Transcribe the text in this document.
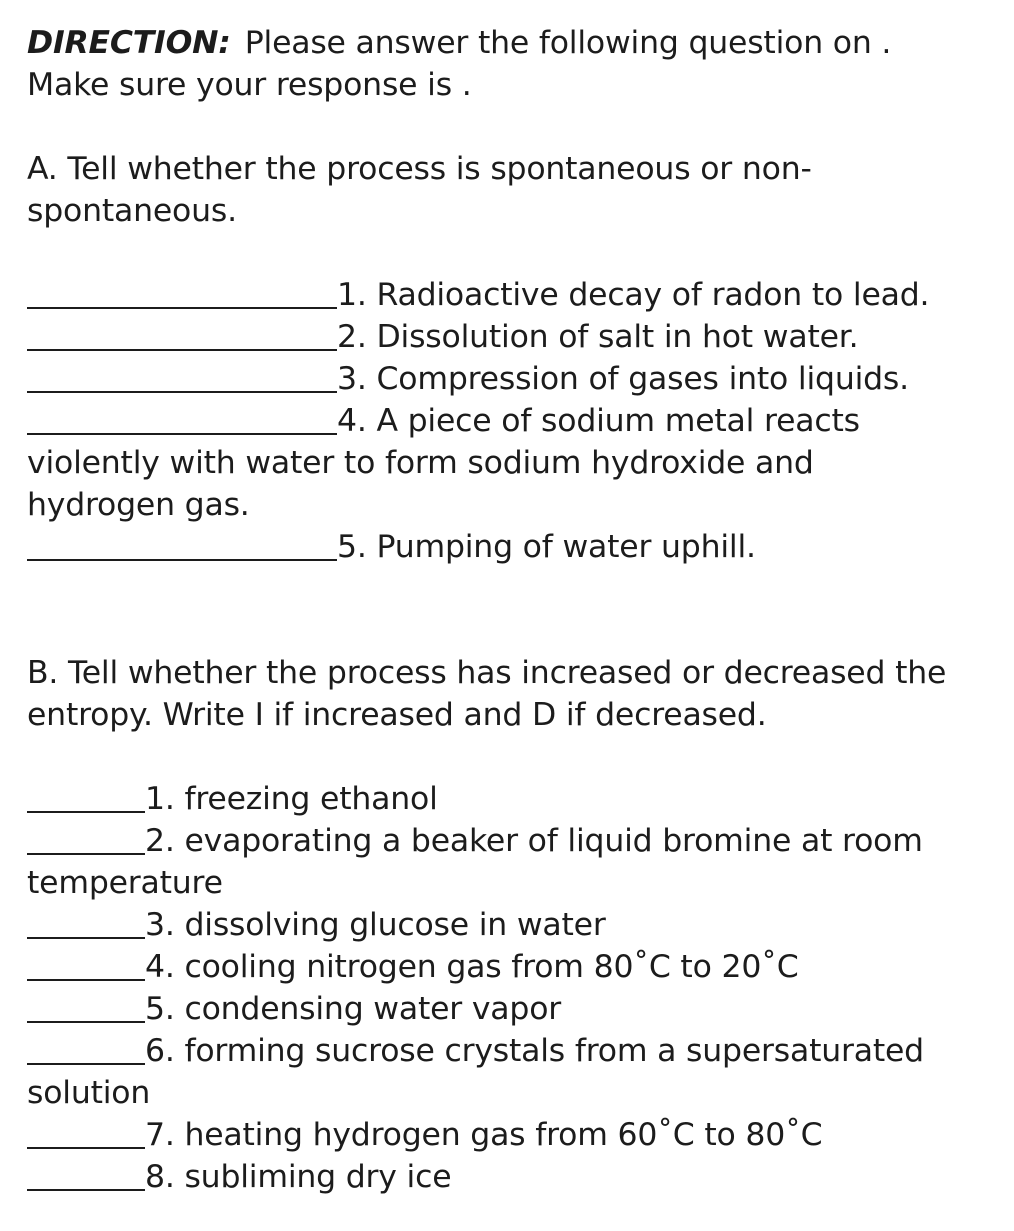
DIRECTION: Please answer the following question on .
Make sure your response is .
A. Tell whether the process is spontaneous or non-
spontaneous.
1. Radioactive decay of radon to lead.
2. Dissolution of salt in hot water.
3. Compression of gases into liquids.
4. A piece of sodium metal reacts
violently with water to form sodium hydroxide and
hydrogen gas.
5. Pumping of water uphill.
B. Tell whether the process has increased or decreased the
entropy. Write I if increased and D if decreased.
1. freezing ethanol
2. evaporating a beaker of liquid bromine at room
temperature
3. dissolving glucose in water
4. cooling nitrogen gas from 80˚C to 20˚C
5. condensing water vapor
6. forming sucrose crystals from a supersaturated
solution
7. heating hydrogen gas from 60˚C to 80˚C
8. subliming dry ice
